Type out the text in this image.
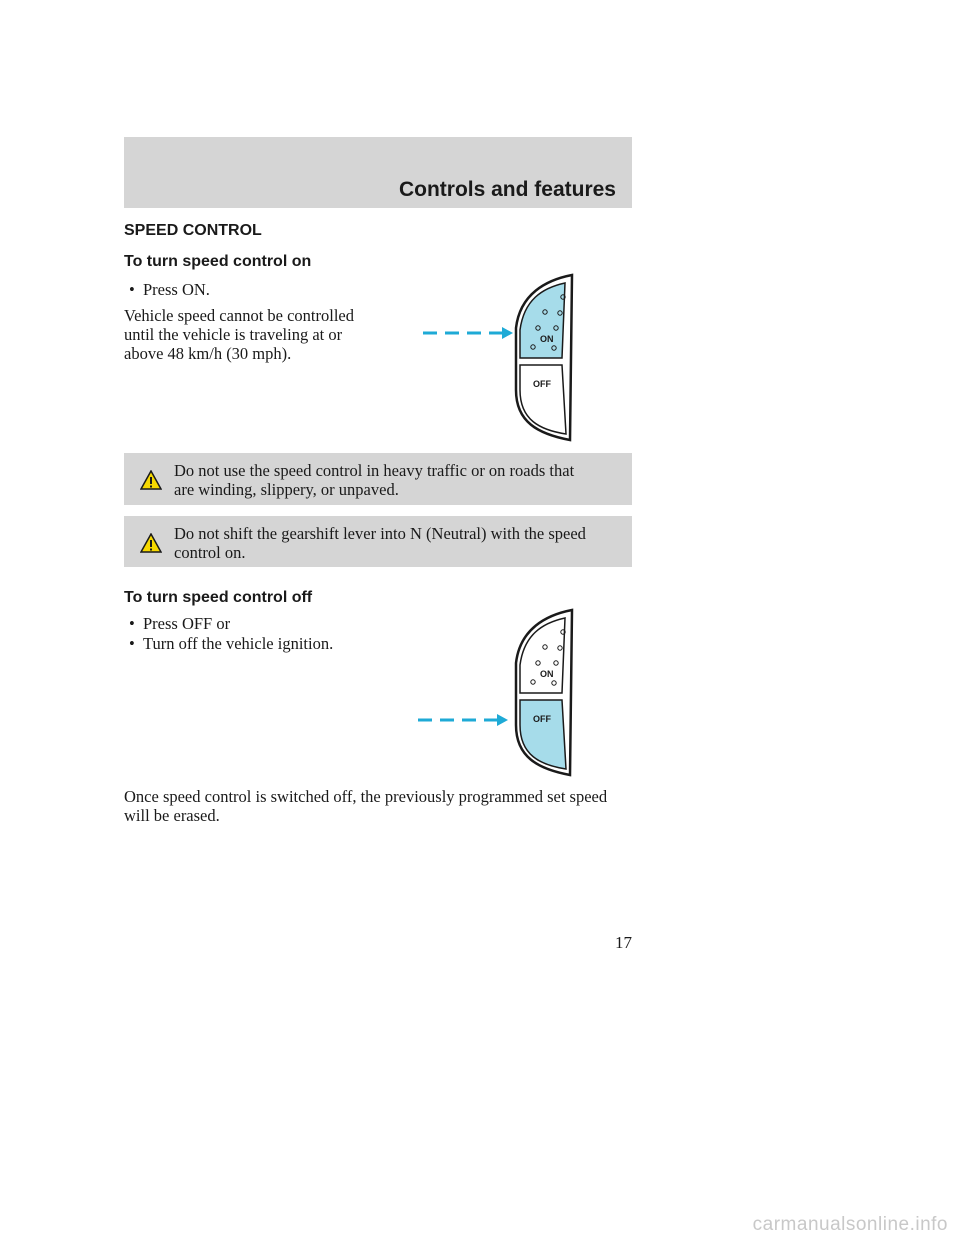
Controls and features
SPEED CONTROL
To turn speed control on
• Press ON.
Vehicle speed cannot be controlled
until the vehicle is traveling at or
above 48 km/h (30 mph).
ON
OFF
Do not use the speed control in heavy traffic or on roads that
are winding, slippery, or unpaved.
Do not shift the gearshift lever into N (Neutral) with the speed
control on.
To turn speed control off
• Press OFF or
• Turn off the vehicle ignition.
ON
OFF
Once speed control is switched off, the previously programmed set speed
will be erased.
17
carmanualsonline.info
